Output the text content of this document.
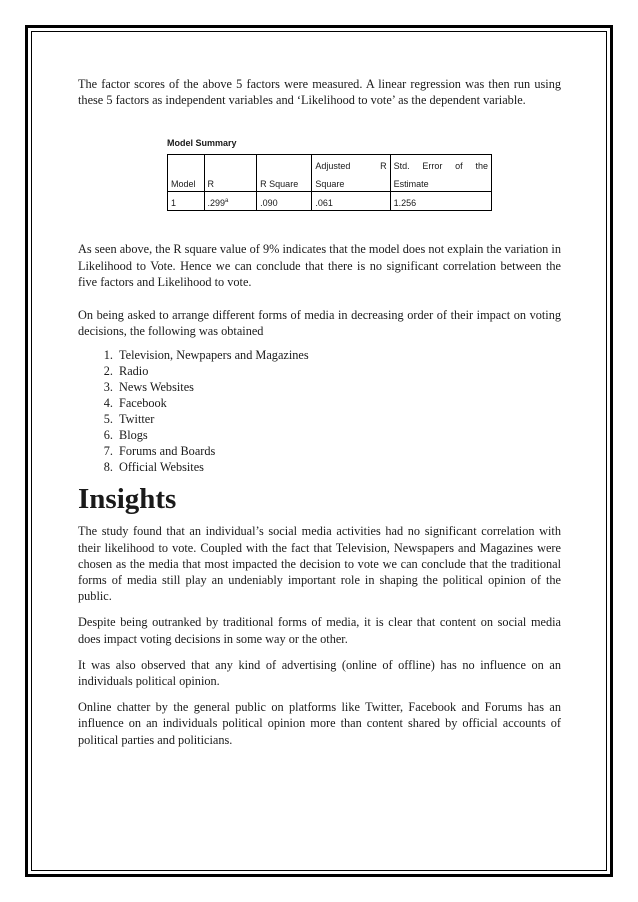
The factor scores of the above 5 factors were measured. A linear regression was then run using these 5 factors as independent variables and ‘Likelihood to vote’ as the dependent variable.

Model Summary

			Adjusted R	Std. Error of the

Model	R	R Square	Square	Estimate
1	.299$^a$	.090	.061	1.256

As seen above, the R square value of 9% indicates that the model does not explain the variation in Likelihood to Vote. Hence we can conclude that there is no significant correlation between the five factors and Likelihood to vote.

On being asked to arrange different forms of media in decreasing order of their impact on voting decisions, the following was obtained

1. Television, Newpapers and Magazines
2. Radio
3. News Websites
4. Facebook
5. Twitter
6. Blogs
7. Forums and Boards
8. Official Websites
Insights

The study found that an individual’s social media activities had no significant correlation with their likelihood to vote. Coupled with the fact that Television, Newspapers and Magazines were chosen as the media that most impacted the decision to vote we can conclude that the traditional forms of media still play an undeniably important role in shaping the political opinion of the public.

Despite being outranked by traditional forms of media, it is clear that content on social media does impact voting decisions in some way or the other.

It was also observed that any kind of advertising (online of offline) has no influence on an individuals political opinion.

Online chatter by the general public on platforms like Twitter, Facebook and Forums has an influence on an individuals political opinion more than content shared by official accounts of political parties and politicians.
